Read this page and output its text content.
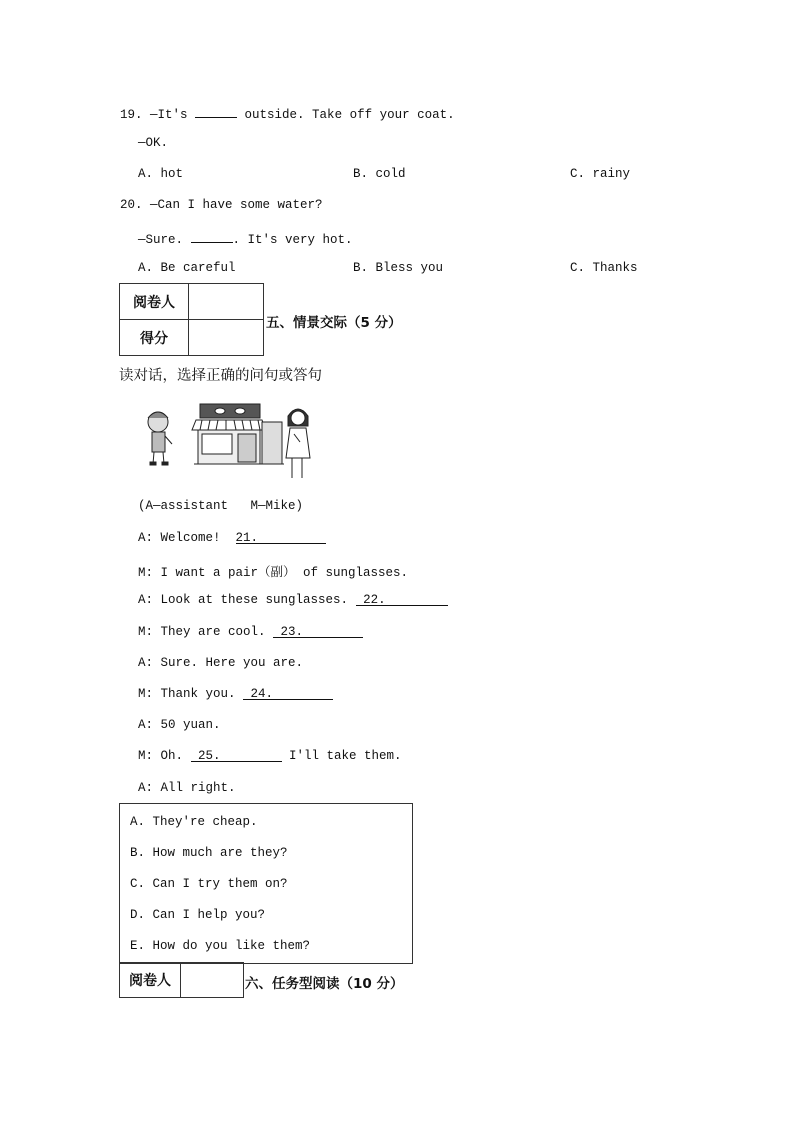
19. —It's	outside. Take off your coat.
—OK.
A. hot	B. cold	C. rainy
20. —Can I have some water?
—Sure.	. It's very hot.
A. Be careful	B. Bless you	C. Thanks
阅卷人	
得分	
五、情景交际（5 分）
读对话，选择正确的问句或答句
(A—assistant   M—Mike)
A: Welcome!  21.
M: I want a pair（副） of sunglasses.
A: Look at these sunglasses.  22.
M: They are cool.  23.
A: Sure. Here you are.
M: Thank you.  24.
A: 50 yuan.
M: Oh.  25.	I'll take them.
A: All right.
A. They're cheap.
B. How much are they?
C. Can I try them on?
D. Can I help you?
E. How do you like them?
阅卷人		六、任务型阅读（10 分）
